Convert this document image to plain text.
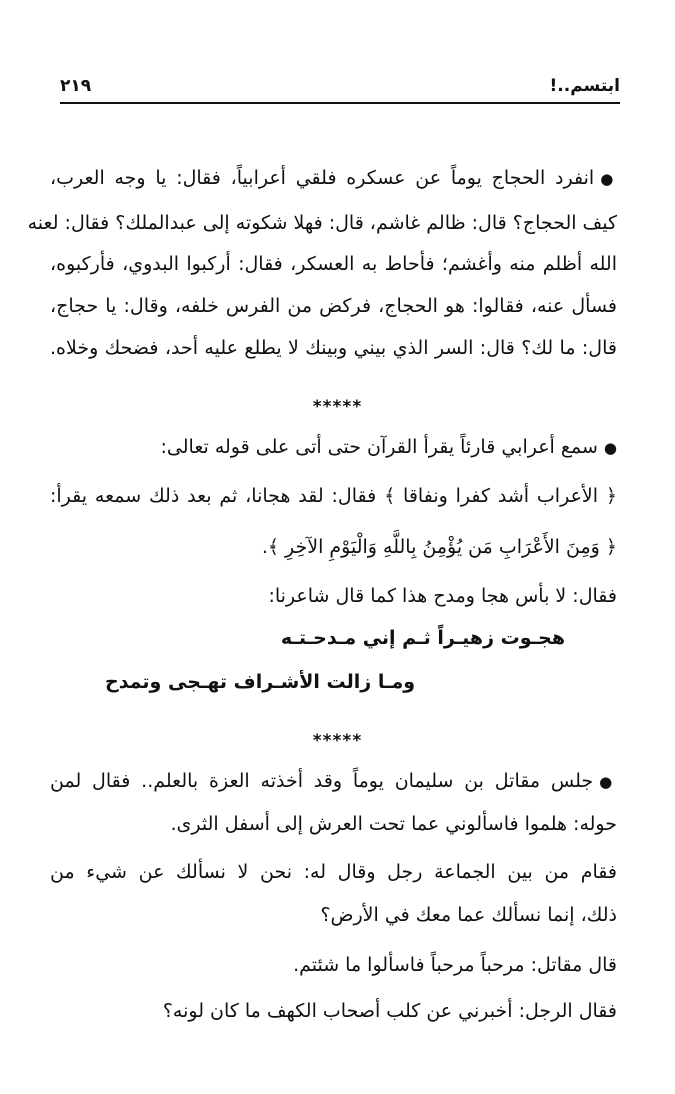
ابتسم..!
٢١٩
●انفرد الحجاج يوماً عن عسكره فلقي أعرابياً، فقال: يا وجه العرب،
كيف الحجاج؟ قال: ظالم غاشم، قال: فهلا شكوته إلى عبدالملك؟ فقال: لعنه
الله أظلم منه وأغشم؛ فأحاط به العسكر، فقال: أركبوا البدوي، فأركبوه،
فسأل عنه، فقالوا: هو الحجاج، فركض من الفرس خلفه، وقال: يا حجاج،
قال: ما لك؟ قال: السر الذي بيني وبينك لا يطلع عليه أحد، فضحك وخلاه.
*****
●سمع أعرابي قارئاً يقرأ القرآن حتى أتى على قوله تعالى:
﴿ الأعراب أشد كفرا ونفاقا ﴾ فقال: لقد هجانا، ثم بعد ذلك سمعه يقرأ:
﴿ وَمِنَ الأَعْرَابِ مَن يُؤْمِنُ بِاللَّهِ وَالْيَوْمِ الآخِرِ ﴾.
فقال: لا بأس هجا ومدح هذا كما قال شاعرنا:
هجـوت زهيـراً ثـم إني مـدحـتـه
ومـا زالت الأشـراف تهـجى وتمدح
*****
●جلس مقاتل بن سليمان يوماً وقد أخذته العزة بالعلم.. فقال لمن
حوله: هلموا فاسألوني عما تحت العرش إلى أسفل الثرى.
فقام من بين الجماعة رجل وقال له: نحن لا نسألك عن شيء من
ذلك، إنما نسألك عما معك في الأرض؟
قال مقاتل: مرحباً مرحباً فاسألوا ما شئتم.
فقال الرجل: أخبرني عن كلب أصحاب الكهف ما كان لونه؟
